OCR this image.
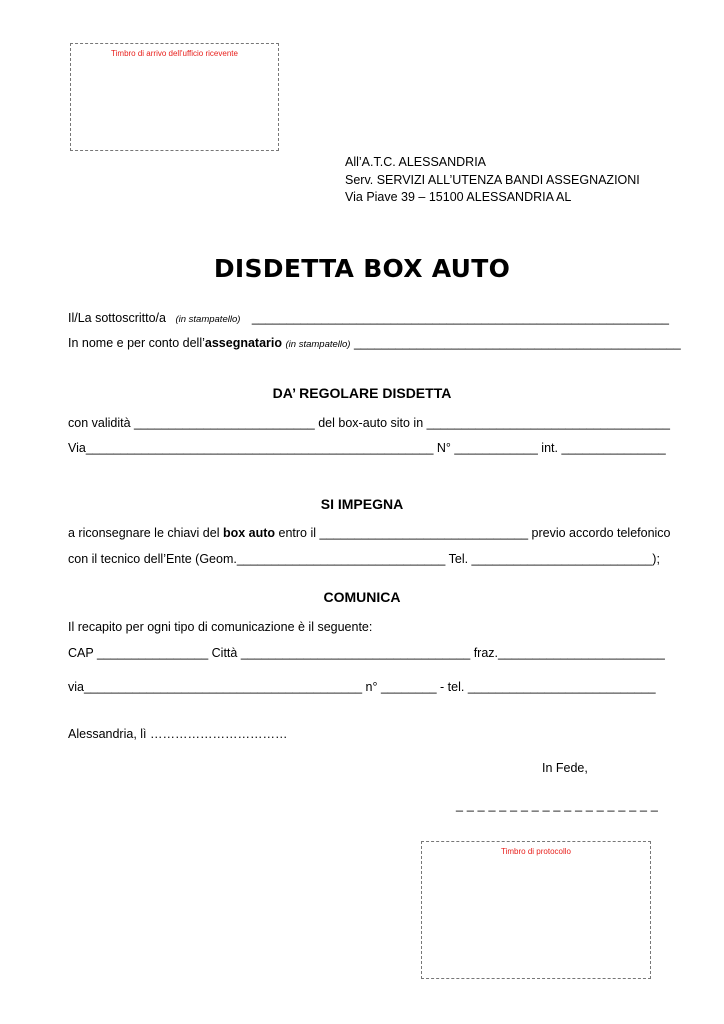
Timbro di arrivo dell'ufficio ricevente
All’A.T.C. ALESSANDRIA
Serv. SERVIZI ALL’UTENZA BANDI ASSEGNAZIONI
Via Piave 39 – 15100 ALESSANDRIA AL
DISDETTA BOX AUTO
Il/La sottoscritto/a (in stampatello) ____________________________________________________________
In nome e per conto dell’assegnatario (in stampatello) _______________________________________________
DA’ REGOLARE DISDETTA
con validità __________________________ del box-auto sito in ___________________________________
Via__________________________________________________ N° ____________ int. _______________
SI IMPEGNA
a riconsegnare le chiavi del box auto entro il ______________________________ previo accordo telefonico
con il tecnico dell’Ente (Geom.______________________________ Tel. __________________________);
COMUNICA
Il recapito per ogni tipo di comunicazione è il seguente:
CAP ________________ Città _________________________________ fraz.________________________
via________________________________________ n° ________ - tel. ___________________________
Alessandria, lì ……………………………
In Fede,
_ _ _ _ _ _ _ _ _ _ _ _ _ _ _ _ _ _ _
Timbro di protocollo
